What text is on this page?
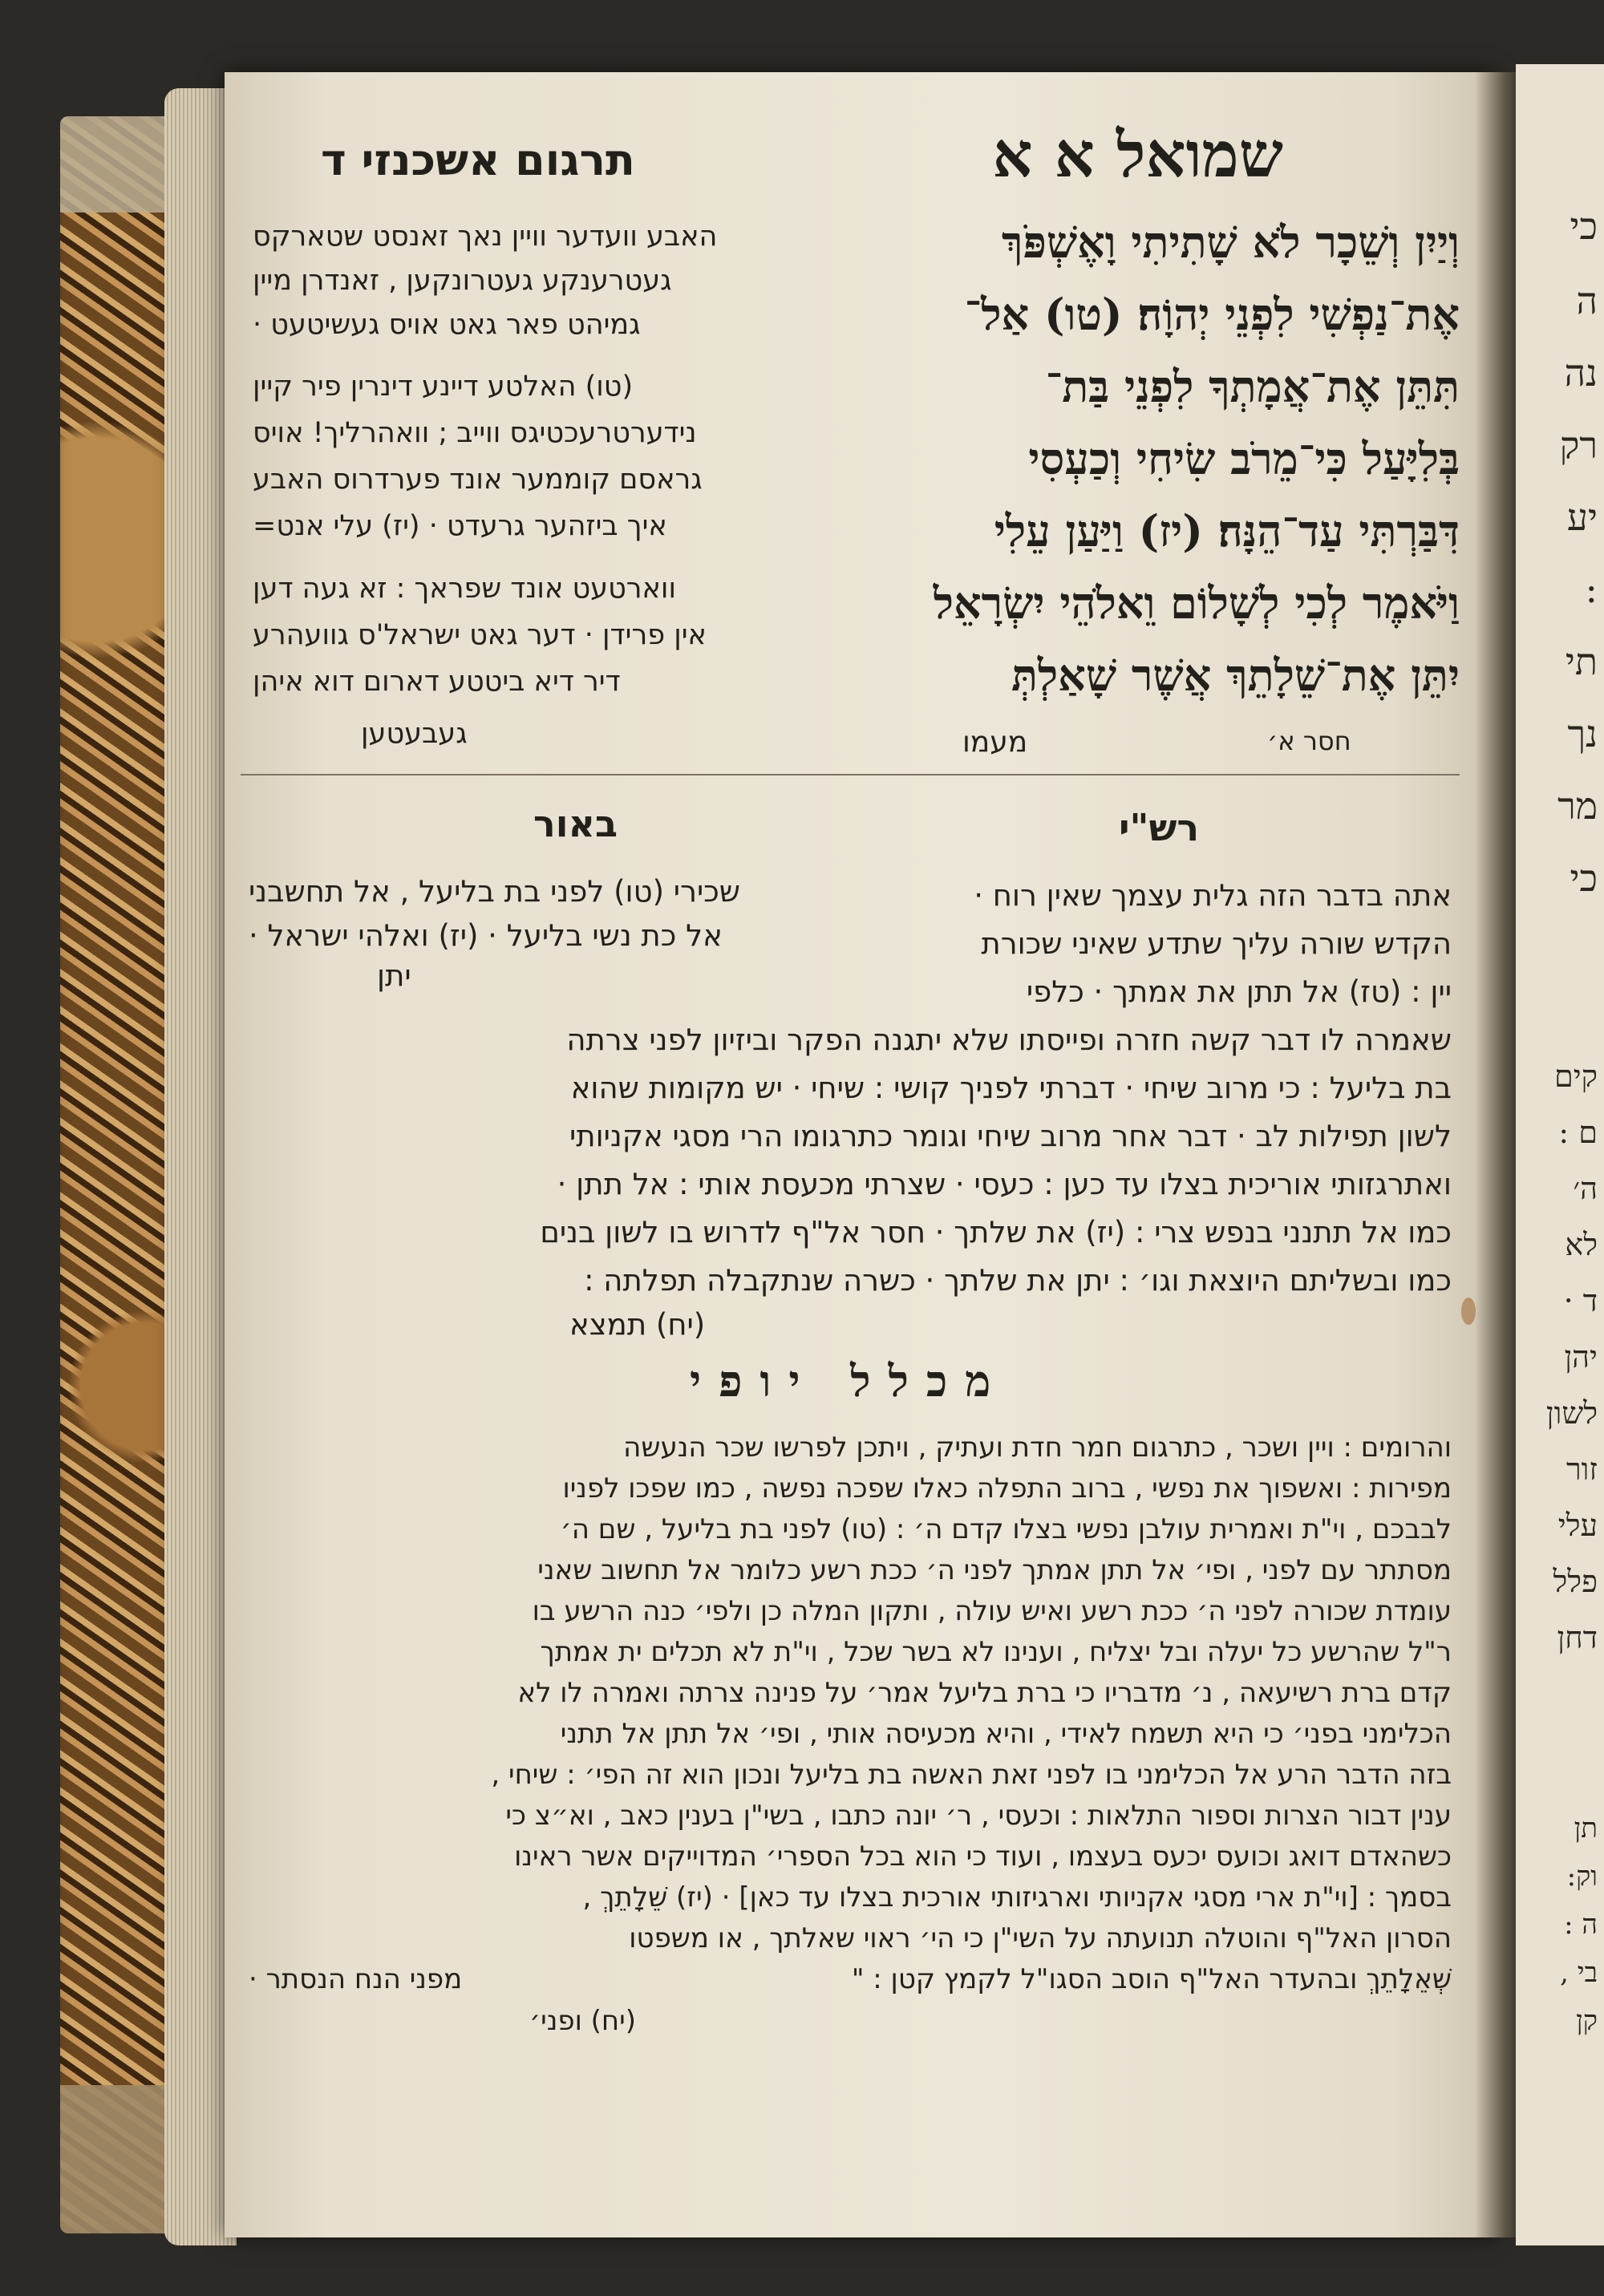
כי
ה
נה
רק
יע
:
תי
נך
מר
כי
קים
ם :
ה׳
לא
ד ·
יהן
לשון
זור
עלי
פלל
דחן
תן
וק:
ה :
בי ,
קן
תרגום אשכנזי ד	שמואל א א
וְיַיִן וְשֵׁכָר לֹא שָׁתִיתִי וָאֶשְׁפֹּךְ
אֶת־נַפְשִׁי לִפְנֵי יְהוָֹה׃ (טו) אַל־
תִּתֵּן אֶת־אֲמָתְךָ לִפְנֵי בַּת־
בְּלִיָּעַל כִּי־מֵרֹב שִׂיחִי וְכַעְסִי
דִּבַּרְתִּי עַד־הֵנָּה׃ (יז) וַיַּעַן עֵלִי
וַיֹּאמֶר לְכִי לְשָׁלוֹם וֵאלֹהֵי יִשְׂרָאֵל
יִתֵּן אֶת־שֵׁלָתֵךְ אֲשֶׁר שָׁאַלְתְּ
מעמו	חסר א׳
האבע וועדער וויין נאך זאנסט שטארקס
געטרענקע געטרונקען , זאנדרן מיין
גמיהט פאר גאט אויס געשיטעט ·
(טו) האלטע דיינע דינרין פיר קיין
נידערטרעכטיגס ווייב ; וואהרליך! אויס
גראסם קוממער אונד פערדרוס האבע
איך ביזהער גרעדט · (יז) עלי אנט=
ווארטעט אונד שפראך : זא געה דען
אין פרידן · דער גאט ישראל'ס גוועהרע
דיר דיא ביטטע דארום דוא איהן
געבעטען
באור	רש"י
שכירי (טו) לפני בת בליעל , אל תחשבני
אל כת נשי בליעל · (יז) ואלהי ישראל ·
יתן
אתה בדבר הזה גלית עצמך שאין רוח ·
הקדש שורה עליך שתדע שאיני שכורת
יין : (טז) אל תתן את אמתך · כלפי
שאמרה לו דבר קשה חזרה ופייסתו שלא יתגנה הפקר וביזיון לפני צרתה
בת בליעל : כי מרוב שיחי · דברתי לפניך קושי : שיחי · יש מקומות שהוא
לשון תפילות לב · דבר אחר מרוב שיחי וגומר כתרגומו הרי מסגי אקניותי
ואתרגזותי אוריכית בצלו עד כען : כעסי · שצרתי מכעסת אותי : אל תתן ·
כמו אל תתנני בנפש צרי : (יז) את שלתך · חסר אל"ף לדרוש בו לשון בנים
כמו ובשליתם היוצאת וגו׳ : יתן את שלתך · כשרה שנתקבלה תפלתה :
(יח) תמצא
מכלל יופי
והרומים : ויין ושכר , כתרגום חמר חדת ועתיק , ויתכן לפרשו שכר הנעשה
מפירות : ואשפוך את נפשי , ברוב התפלה כאלו שפכה נפשה , כמו שפכו לפניו
לבבכם , וי"ת ואמרית עולבן נפשי בצלו קדם ה׳ : (טו) לפני בת בליעל , שם ה׳
מסתתר עם לפני , ופי׳ אל תתן אמתך לפני ה׳ ככת רשע כלומר אל תחשוב שאני
עומדת שכורה לפני ה׳ ככת רשע ואיש עולה , ותקון המלה כן ולפי׳ כנה הרשע בו
ר"ל שהרשע כל יעלה ובל יצליח , וענינו לא בשר שכל , וי"ת לא תכלים ית אמתך
קדם ברת רשיעאה , נ׳ מדבריו כי ברת בליעל אמר׳ על פנינה צרתה ואמרה לו לא
הכלימני בפני׳ כי היא תשמח לאידי , והיא מכעיסה אותי , ופי׳ אל תתן אל תתני
בזה הדבר הרע אל הכלימני בו לפני זאת האשה בת בליעל ונכון הוא זה הפי׳ : שיחי ,
ענין דבור הצרות וספור התלאות : וכעסי , ר׳ יונה כתבו , בשי"ן בענין כאב , וא״צ כי
כשהאדם דואג וכועס יכעס בעצמו , ועוד כי הוא בכל הספרי׳ המדוייקים אשר ראינו
בסמך : [וי"ת ארי מסגי אקניותי וארגיזותי אורכית בצלו עד כאן] · (יז) שֵׁלָתֵךְ ,
הסרון האל"ף והוטלה תנועתה על השי"ן כי הי׳ ראוי שאלתך , או משפטו
שְׁאֵלָתֵךְ ובהעדר האל"ף הוסב הסגו"ל לקמץ קטן : "
מפני הנח הנסתר ·
(יח) ופני׳
